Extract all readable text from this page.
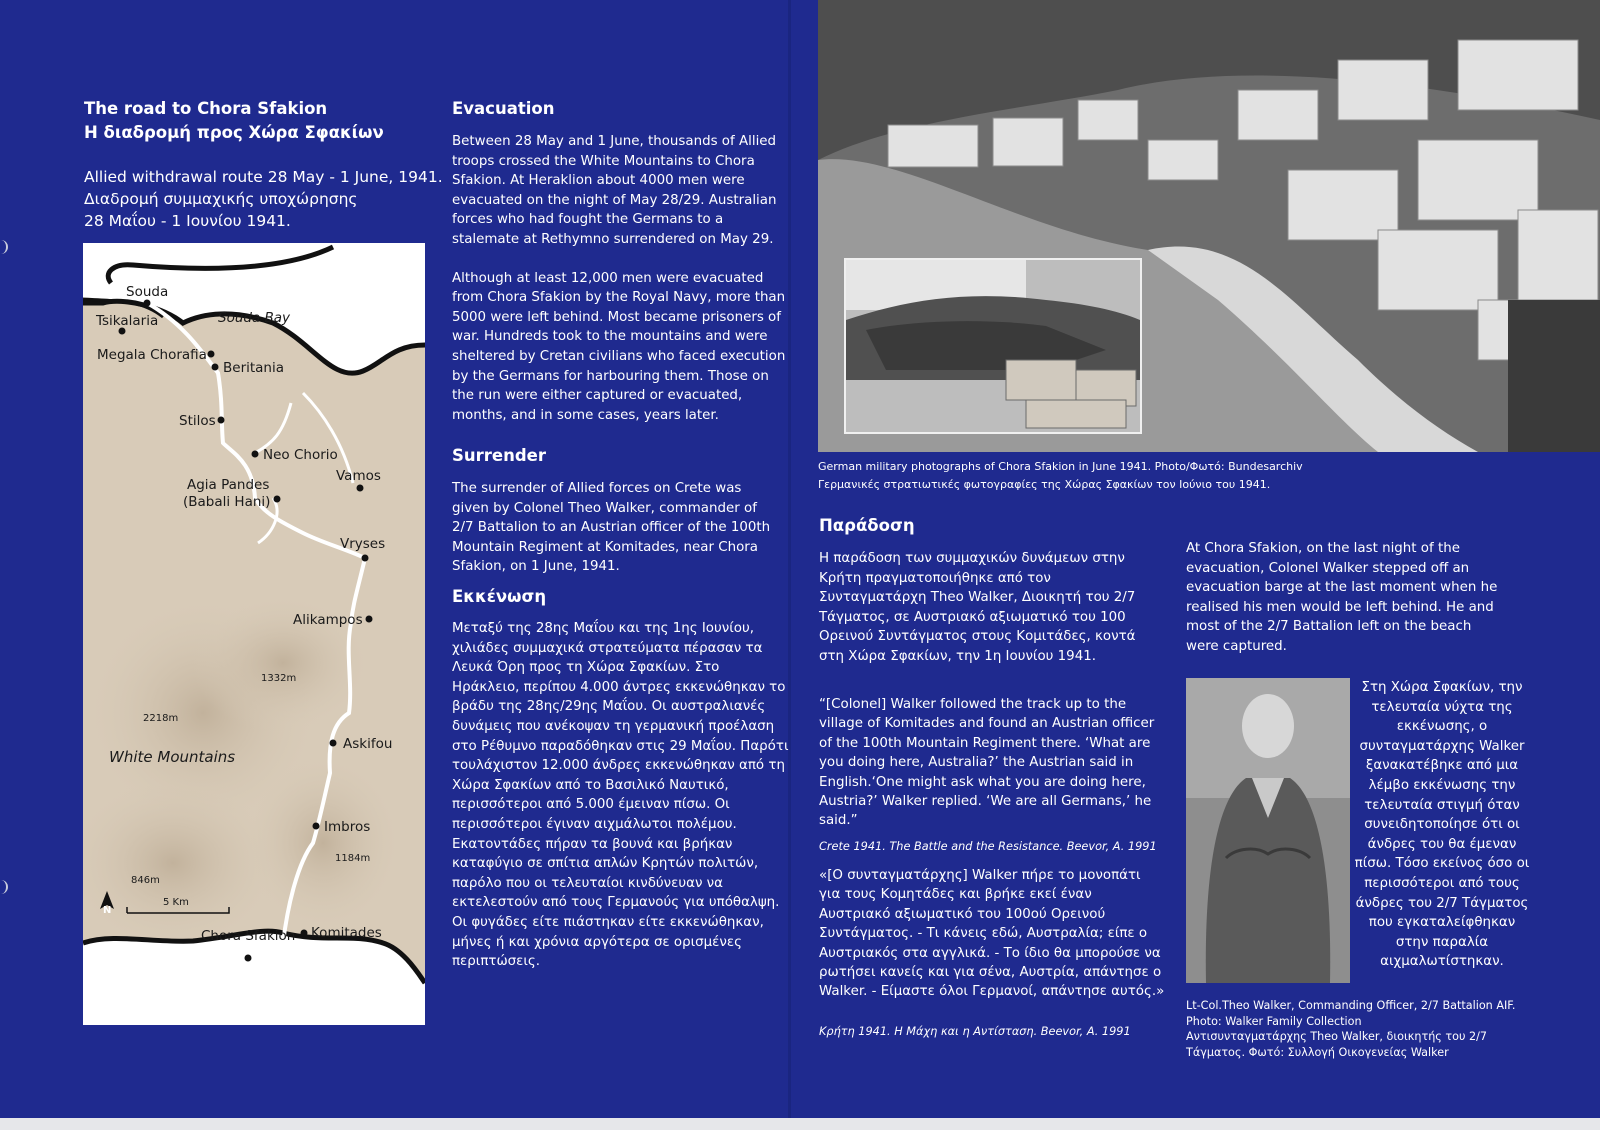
The road to Chora Sfakion
Η διαδρομή προς Χώρα Σφακίων
Allied withdrawal route 28 May - 1 June, 1941.
Διαδρομή συμμαχικής υποχώρησης
28 Μαΐου - 1 Ιουνίου 1941.
Souda
Souda Bay
Tsikalaria
Megala Chorafia
Beritania
Stilos
Neo Chorio
Vamos
Agia Pandes
(Babali Hani)
Vryses
Alikampos
Askifou
Imbros
Chora Sfakion Komitades
White Mountains
1332m
2218m
1184m
846m
N
5 Km
Evacuation

Between 28 May and 1 June, thousands of Allied troops crossed the White Mountains to Chora Sfakion. At Heraklion about 4000 men were evacuated on the night of May 28/29. Australian forces who had fought the Germans to a stalemate at Rethymno surrendered on May 29.

Although at least 12,000 men were evacuated from Chora Sfakion by the Royal Navy, more than 5000 were left behind. Most became prisoners of war. Hundreds took to the mountains and were sheltered by Cretan civilians who faced execution by the Germans for harbouring them. Those on the run were either captured or evacuated, months, and in some cases, years later.

Surrender
The surrender of Allied forces on Crete was given by Colonel Theo Walker, commander of 2/7 Battalion to an Austrian officer of the 100th Mountain Regiment at Komitades, near Chora Sfakion, on 1 June, 1941.
Εκκένωση
Μεταξύ της 28ης Μαΐου και της 1ης Ιουνίου, χιλιάδες συμμαχικά στρατεύματα πέρασαν τα Λευκά Όρη προς τη Χώρα Σφακίων. Στο Ηράκλειο, περίπου 4.000 άντρες εκκενώθηκαν το βράδυ της 28ης/29ης Μαΐου. Οι αυστραλιανές δυνάμεις που ανέκοψαν τη γερμανική προέλαση στο Ρέθυμνο παραδόθηκαν στις 29 Μαΐου. Παρότι τουλάχιστον 12.000 άνδρες εκκενώθηκαν από τη Χώρα Σφακίων από το Βασιλικό Ναυτικό, περισσότεροι από 5.000 έμειναν πίσω. Οι περισσότεροι έγιναν αιχμάλωτοι πολέμου. Εκατοντάδες πήραν τα βουνά και βρήκαν καταφύγιο σε σπίτια απλών Κρητών πολιτών, παρόλο που οι τελευταίοι κινδύνευαν να εκτελεστούν από τους Γερμανούς για υπόθαλψη. Οι φυγάδες είτε πιάστηκαν είτε εκκενώθηκαν, μήνες ή και χρόνια αργότερα σε ορισμένες περιπτώσεις.
German military photographs of Chora Sfakion in June 1941. Photo/Φωτό: Bundesarchiv
Γερμανικές στρατιωτικές φωτογραφίες της Χώρας Σφακίων τον Ιούνιο του 1941.
Παράδοση
Η παράδοση των συμμαχικών δυνάμεων στην Κρήτη πραγματοποιήθηκε από τον Συνταγματάρχη Theo Walker, Διοικητή του 2/7 Τάγματος, σε Αυστριακό αξιωματικό του 100 Ορεινού Συντάγματος στους Κομιτάδες, κοντά στη Χώρα Σφακίων, την 1η Ιουνίου 1941.
“[Colonel] Walker followed the track up to the village of Komitades and found an Austrian officer of the 100th Mountain Regiment there. ‘What are you doing here, Australia?’ the Austrian said in English.‘One might ask what you are doing here, Austria?’ Walker replied. ‘We are all Germans,’ he said.”
Crete 1941. The Battle and the Resistance. Beevor, A. 1991
«[Ο συνταγματάρχης] Walker πήρε το μονοπάτι για τους Κομητάδες και βρήκε εκεί έναν Αυστριακό αξιωματικό του 100ού Ορεινού Συντάγματος. - Τι κάνεις εδώ, Αυστραλία; είπε ο Αυστριακός στα αγγλικά. - Το ίδιο θα μπορούσε να ρωτήσει κανείς και για σένα, Αυστρία, απάντησε ο Walker. - Είμαστε όλοι Γερμανοί, απάντησε αυτός.»
Κρήτη 1941. Η Μάχη και η Αντίσταση. Beevor, A. 1991
At Chora Sfakion, on the last night of the evacuation, Colonel Walker stepped off an evacuation barge at the last moment when he realised his men would be left behind. He and most of the 2/7 Battalion left on the beach were captured.
Στη Χώρα Σφακίων, την τελευταία νύχτα της εκκένωσης, ο συνταγματάρχης Walker ξανακατέβηκε από μια λέμβο εκκένωσης την τελευταία στιγμή όταν συνειδητοποίησε ότι οι άνδρες του θα έμεναν πίσω. Τόσο εκείνος όσο οι περισσότεροι από τους άνδρες του 2/7 Τάγματος που εγκαταλείφθηκαν στην παραλία αιχμαλωτίστηκαν.
Lt-Col.Theo Walker, Commanding Officer, 2/7 Battalion AIF.
Photo: Walker Family Collection
Αντισυνταγματάρχης Theo Walker, διοικητής του 2/7
Τάγματος. Φωτό: Συλλογή Οικογενείας Walker
